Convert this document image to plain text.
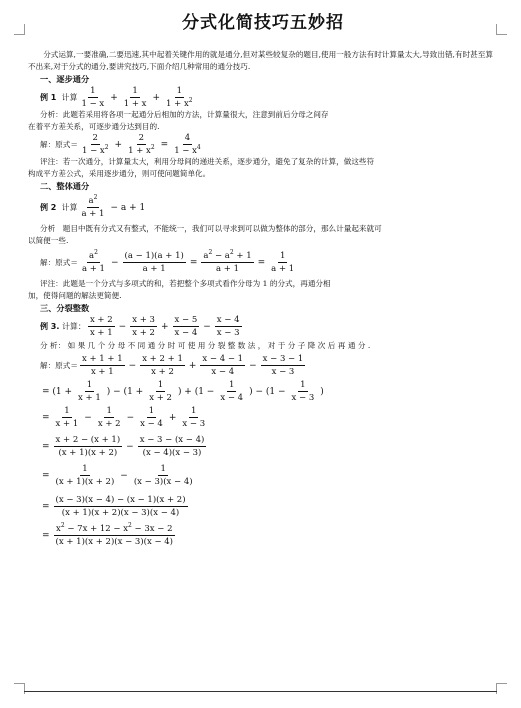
分式化简技巧五妙招

分式运算,一要准确,二要迅速,其中起着关键作用的就是通分,但对某些较复杂的题目,使用一般方法有时计算量太大,导致出错,有时甚至算不出来,对于分式的通分,要讲究技巧,下面介绍几种常用的通分技巧.

一、逐步通分

例 1
计算 $\frac{1}{1 - x} + \frac{1}{1 + x} + \frac{1}{1 + x^2}$

分析：此题若采用将各项一起通分后相加的方法，计算量很大，注意到前后分母之间存

在着平方差关系，可逐步通分达到目的.

解：原式＝ $\frac{2}{1 - x^2} + \frac{2}{1 + x^2} = \frac{4}{1 - x^4}$

评注：若一次通分，计算量太大，利用分母间的递进关系，逐步通分，避免了复杂的计算，做这些符

构成平方差公式，采用逐步通分，则可使问题简单化。

二、整体通分

例 2
计算 $\frac{a^2}{a + 1} - a + 1$

分析　题目中既有分式又有整式，不能统一，我们可以寻求到可以做为整体的部分，那么计量起来就可

以简便一些.

解：原式＝ $\frac{a^2}{a + 1} - \frac{(a - 1)(a + 1)}{a + 1} = \frac{a^2 - a^2 + 1}{a + 1} = \frac{1}{a + 1}$

评注：此题是一个分式与多项式的和，若把整个多项式看作分母为 1 的分式，再通分相

加，使得问题的解法更简便.

三、分裂整数

例 3.
计算： $\frac{x + 2}{x + 1} - \frac{x + 3}{x + 2} + \frac{x - 5}{x - 4} - \frac{x - 4}{x - 3}$

分 析： 如 果 几 个 分 母 不 同 通 分 时 可 使 用 分 裂 整 数 法 ， 对 于 分 子 降 次 后 再 通 分 .

解：原式＝ $\frac{x + 1 + 1}{x + 1} - \frac{x + 2 + 1}{x + 2} + \frac{x - 4 - 1}{x - 4} - \frac{x - 3 - 1}{x - 3}$
= ($1 + \frac{1}{x + 1}$ ) − ($1 + \frac{1}{x + 2}$ ) + ($1 - \frac{1}{x - 4}$ ) − ($1 - \frac{1}{x - 3}$ )
= $\frac{1}{x + 1} - \frac{1}{x + 2} - \frac{1}{x - 4} + \frac{1}{x - 3}$
= $\frac{x + 2 - (x + 1)}{(x + 1)(x + 2)} - \frac{x - 3 - (x - 4)}{(x - 4)(x - 3)}$
= $\frac{1}{(x + 1)(x + 2)} - \frac{1}{(x - 3)(x - 4)}$
= $\frac{(x - 3)(x - 4) - (x - 1)(x + 2)}{(x + 1)(x + 2)(x - 3)(x - 4)}$
= $\frac{x^2 - 7x + 12 - x^2 - 3x - 2}{(x + 1)(x + 2)(x - 3)(x - 4)}$
